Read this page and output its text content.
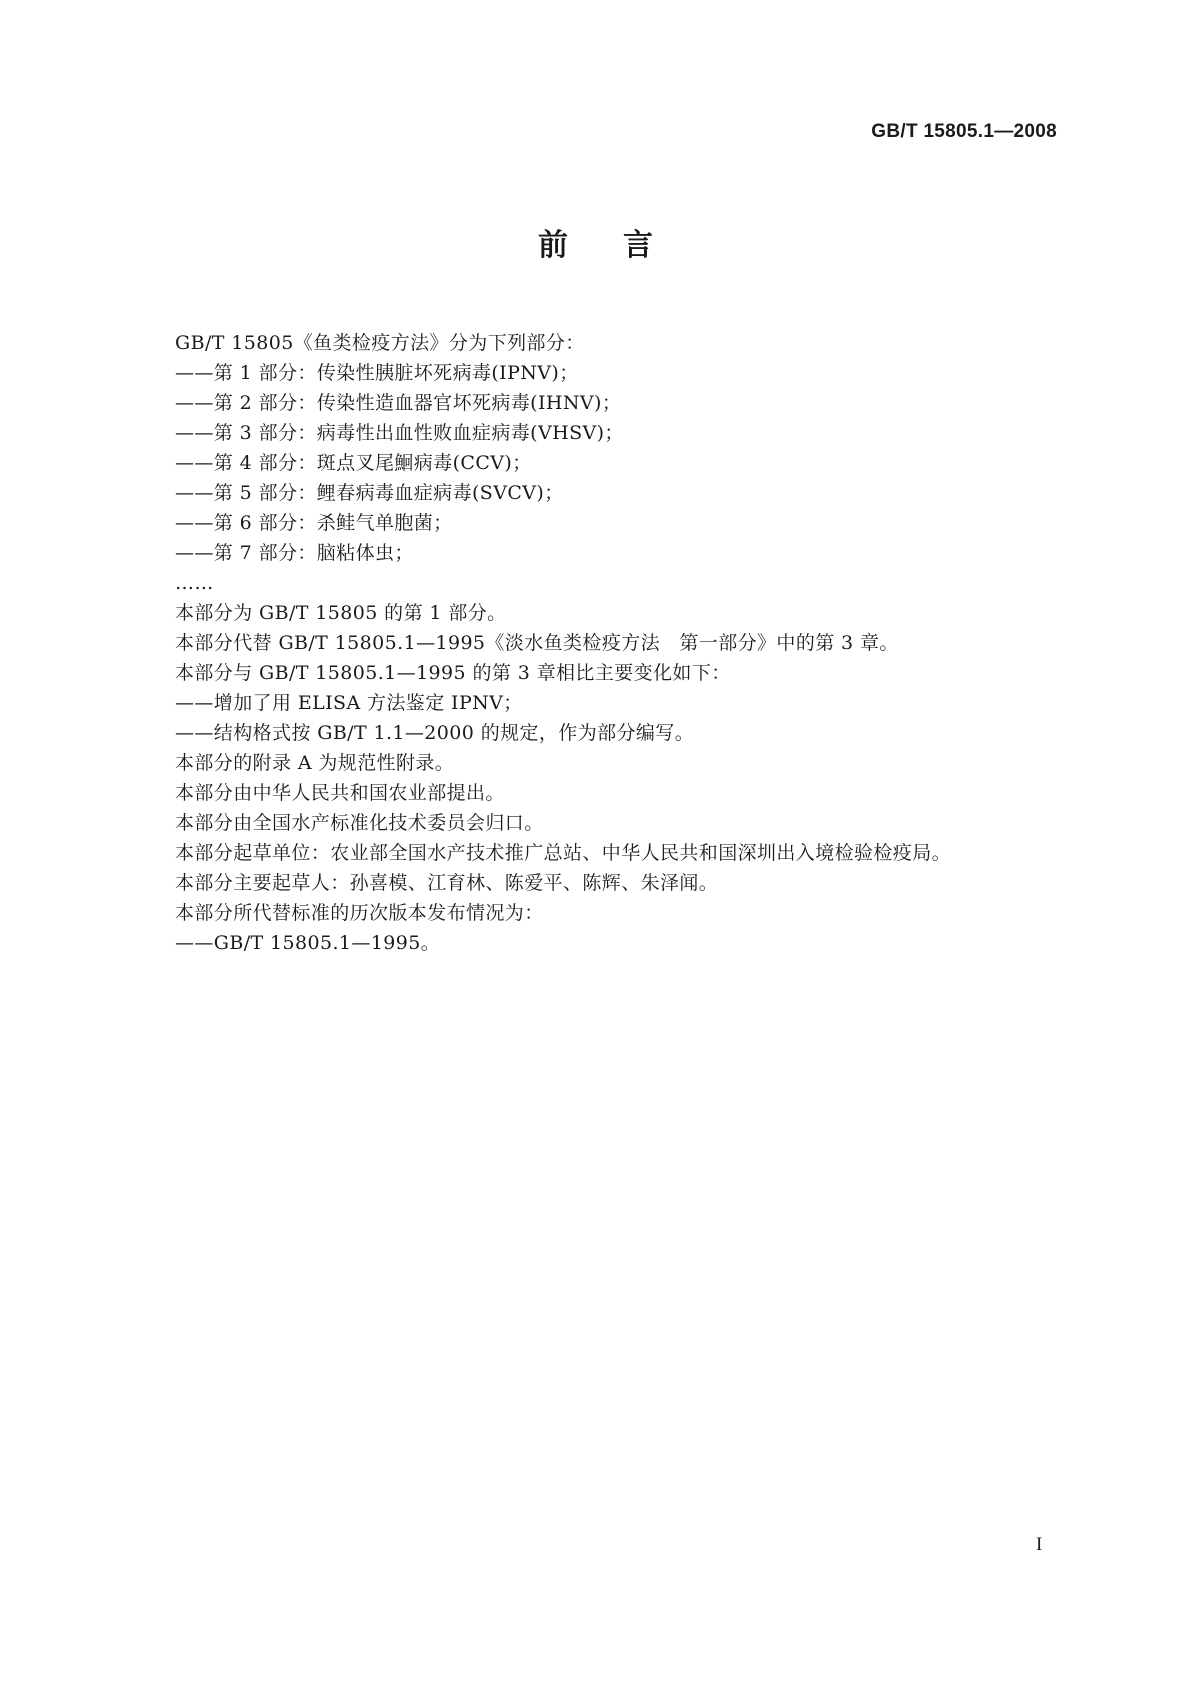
GB/T 15805.1—2008
前言
GB/T 15805《鱼类检疫方法》分为下列部分：
——第 1 部分：传染性胰脏坏死病毒(IPNV)；
——第 2 部分：传染性造血器官坏死病毒(IHNV)；
——第 3 部分：病毒性出血性败血症病毒(VHSV)；
——第 4 部分：斑点叉尾鮰病毒(CCV)；
——第 5 部分：鲤春病毒血症病毒(SVCV)；
——第 6 部分：杀鲑气单胞菌；
——第 7 部分：脑粘体虫；
……
本部分为 GB/T 15805 的第 1 部分。
本部分代替 GB/T 15805.1—1995《淡水鱼类检疫方法　第一部分》中的第 3 章。
本部分与 GB/T 15805.1—1995 的第 3 章相比主要变化如下：
——增加了用 ELISA 方法鉴定 IPNV；
——结构格式按 GB/T 1.1—2000 的规定，作为部分编写。
本部分的附录 A 为规范性附录。
本部分由中华人民共和国农业部提出。
本部分由全国水产标准化技术委员会归口。
本部分起草单位：农业部全国水产技术推广总站、中华人民共和国深圳出入境检验检疫局。
本部分主要起草人：孙喜模、江育林、陈爱平、陈辉、朱泽闻。
本部分所代替标准的历次版本发布情况为：
——GB/T 15805.1—1995。
I
